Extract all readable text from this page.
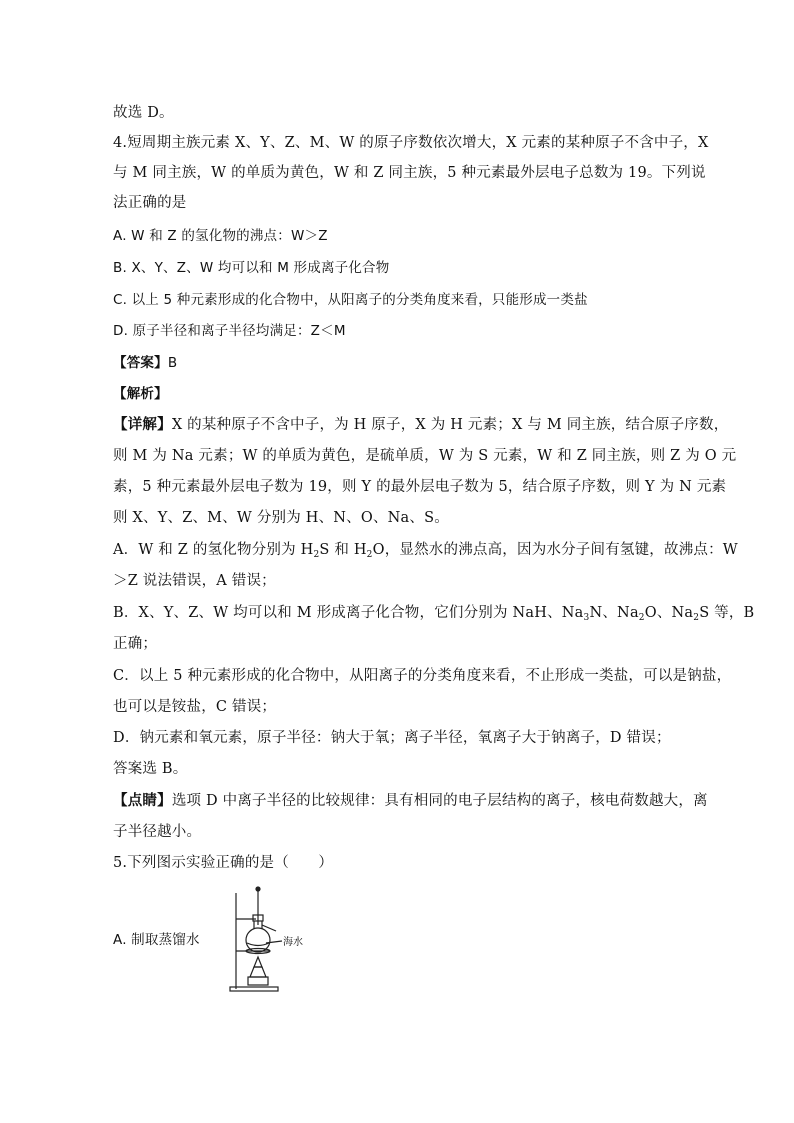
故选 D。
4.短周期主族元素 X、Y、Z、M、W 的原子序数依次增大，X 元素的某种原子不含中子，X
与 M 同主族，W 的单质为黄色，W 和 Z 同主族，5 种元素最外层电子总数为 19。下列说
法正确的是
A. W 和 Z 的氢化物的沸点：W＞Z
B. X、Y、Z、W 均可以和 M 形成离子化合物
C. 以上 5 种元素形成的化合物中，从阳离子的分类角度来看，只能形成一类盐
D. 原子半径和离子半径均满足：Z＜M
【答案】B
【解析】
【详解】X 的某种原子不含中子，为 H 原子，X 为 H 元素；X 与 M 同主族，结合原子序数，
则 M 为 Na 元素；W 的单质为黄色，是硫单质，W 为 S 元素，W 和 Z 同主族，则 Z 为 O 元
素，5 种元素最外层电子数为 19，则 Y 的最外层电子数为 5，结合原子序数，则 Y 为 N 元素
则 X、Y、Z、M、W 分别为 H、N、O、Na、S。
A．W 和 Z 的氢化物分别为 $H_2S$ 和 $H_2O$，显然水的沸点高，因为水分子间有氢键，故沸点：W
＞Z 说法错误，A 错误；
B．X、Y、Z、W 均可以和 M 形成离子化合物，它们分别为 NaH、$Na_3N$、$Na_2O$、$Na_2S$ 等，B
正确；
C．以上 5 种元素形成的化合物中，从阳离子的分类角度来看，不止形成一类盐，可以是钠盐，
也可以是铵盐，C 错误；
D．钠元素和氧元素，原子半径：钠大于氧；离子半径，氧离子大于钠离子，D 错误；
答案选 B。
【点睛】选项 D 中离子半径的比较规律：具有相同的电子层结构的离子，核电荷数越大，离
子半径越小。
5.下列图示实验正确的是（　　）
A. 制取蒸馏水	海水
